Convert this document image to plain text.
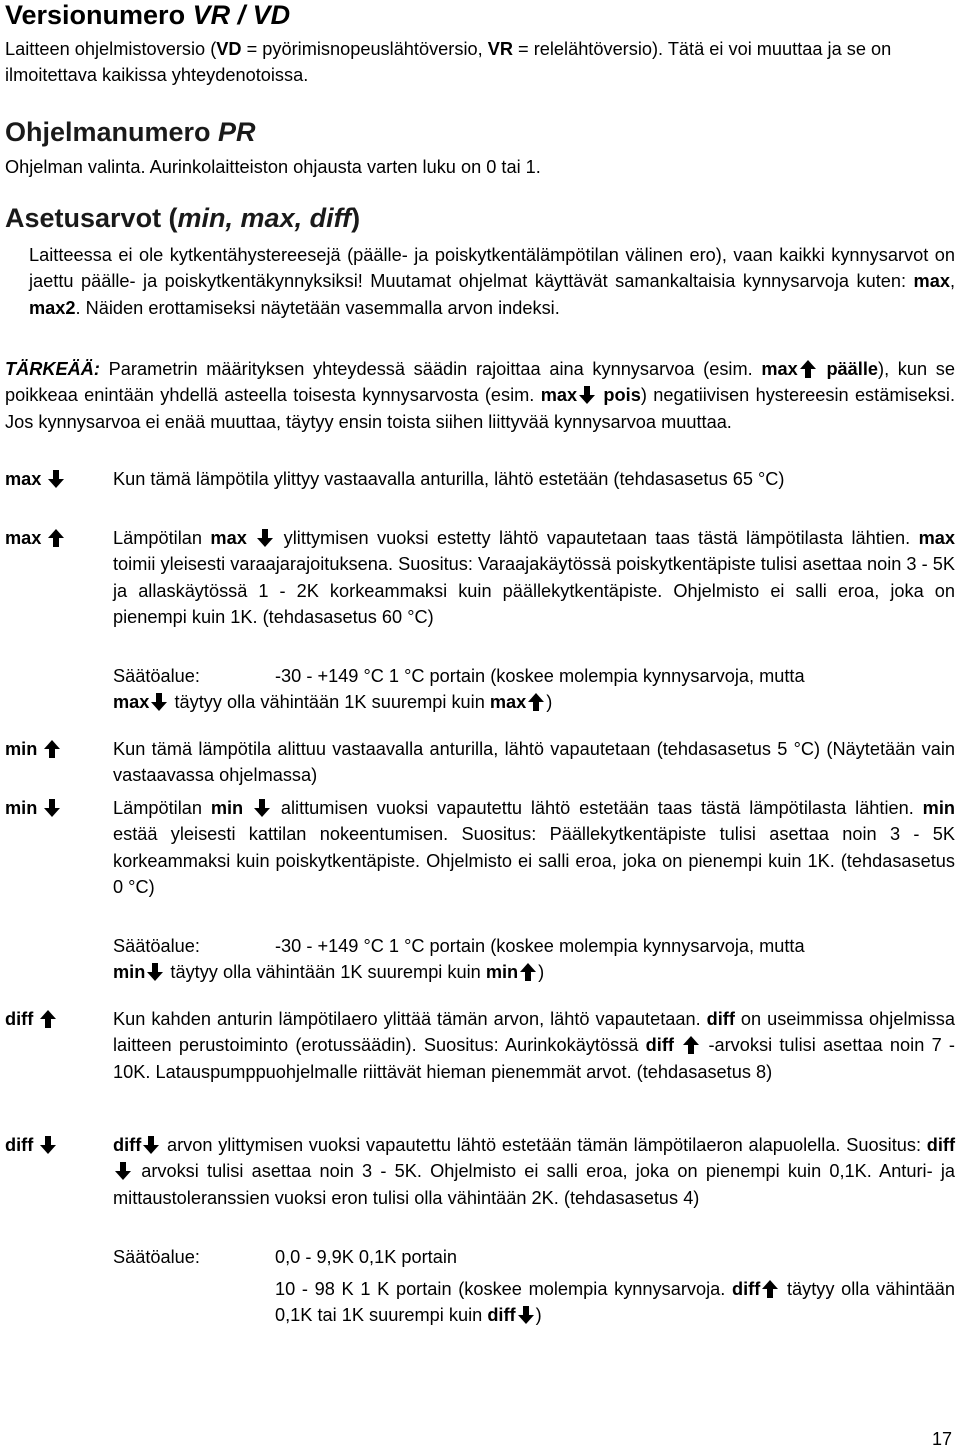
Versionumero VR / VD

Laitteen ohjelmistoversio (VD = pyörimisnopeuslähtöversio, VR = relelähtöversio). Tätä ei voi muuttaa ja se on ilmoitettava kaikissa yhteydenotoissa.

Ohjelmanumero PR

Ohjelman valinta. Aurinkolaitteiston ohjausta varten luku on 0 tai 1.

Asetusarvot (min, max, diff)

Laitteessa ei ole kytkentähystereesejä (päälle- ja poiskytkentälämpötilan välinen ero), vaan kaikki kynnysarvot on jaettu päälle- ja poiskytkentäkynnyksiksi! Muutamat ohjelmat käyttävät samankaltaisia kynnysarvoja kuten: max, max2. Näiden erottamiseksi näytetään vasemmalla arvon indeksi.

TÄRKEÄÄ: Parametrin määrityksen yhteydessä säädin rajoittaa aina kynnysarvoa (esim. max päälle), kun se poikkeaa enintään yhdellä asteella toisesta kynnysarvosta (esim. max pois) negatiivisen hystereesin estämiseksi. Jos kynnysarvoa ei enää muuttaa, täytyy ensin toista siihen liittyvää kynnysarvoa muuttaa.

max	Kun tämä lämpötila ylittyy vastaavalla anturilla, lähtö estetään (tehdasasetus 65 °C)

max	Lämpötilan max  ylittymisen vuoksi estetty lähtö vapautetaan taas tästä lämpötilasta lähtien. max toimii yleisesti varaajarajoituksena. Suositus: Varaajakäytössä poiskytkentäpiste tulisi asettaa noin 3 - 5K ja allaskäytössä 1 - 2K korkeammaksi kuin päällekytkentäpiste. Ohjelmisto ei salli eroa, joka on pienempi kuin 1K. (tehdasasetus 60 °C)

Säätöalue:	-30 - +149 °C 1 °C portain (koskee molempia kynnysarvoja, mutta
max täytyy olla vähintään 1K suurempi kuin max )
min	Kun tämä lämpötila alittuu vastaavalla anturilla, lähtö vapautetaan (tehdasasetus 5 °C) (Näytetään vain vastaavassa ohjelmassa)

min	Lämpötilan min  alittumisen vuoksi vapautettu lähtö estetään taas tästä lämpötilasta lähtien. min estää yleisesti kattilan nokeentumisen. Suositus: Päällekytkentäpiste tulisi asettaa noin 3 - 5K korkeammaksi kuin poiskytkentäpiste. Ohjelmisto ei salli eroa, joka on pienempi kuin 1K. (tehdasasetus 0 °C)

Säätöalue:	-30 - +149 °C 1 °C portain (koskee molempia kynnysarvoja, mutta
min täytyy olla vähintään 1K suurempi kuin min )
diff	Kun kahden anturin lämpötilaero ylittää tämän arvon, lähtö vapautetaan. diff on useimmissa ohjelmissa laitteen perustoiminto (erotussäädin). Suositus: Aurinkokäytössä diff  -arvoksi tulisi asettaa noin 7 - 10K. Latauspumppuohjelmalle riittävät hieman pienemmät arvot. (tehdasasetus 8)

diff	diff arvon ylittymisen vuoksi vapautettu lähtö estetään tämän lämpötilaeron alapuolella. Suositus: diff  arvoksi tulisi asettaa noin 3 - 5K. Ohjelmisto ei salli eroa, joka on pienempi kuin 0,1K. Anturi- ja mittaustoleranssien vuoksi eron tulisi olla vähintään 2K. (tehdasasetus 4)

Säätöalue:	0,0 - 9,9K 0,1K portain

10 - 98 K 1 K portain (koskee molempia kynnysarvoja. diff täytyy olla vähintään 0,1K tai 1K suurempi kuin diff )

17
